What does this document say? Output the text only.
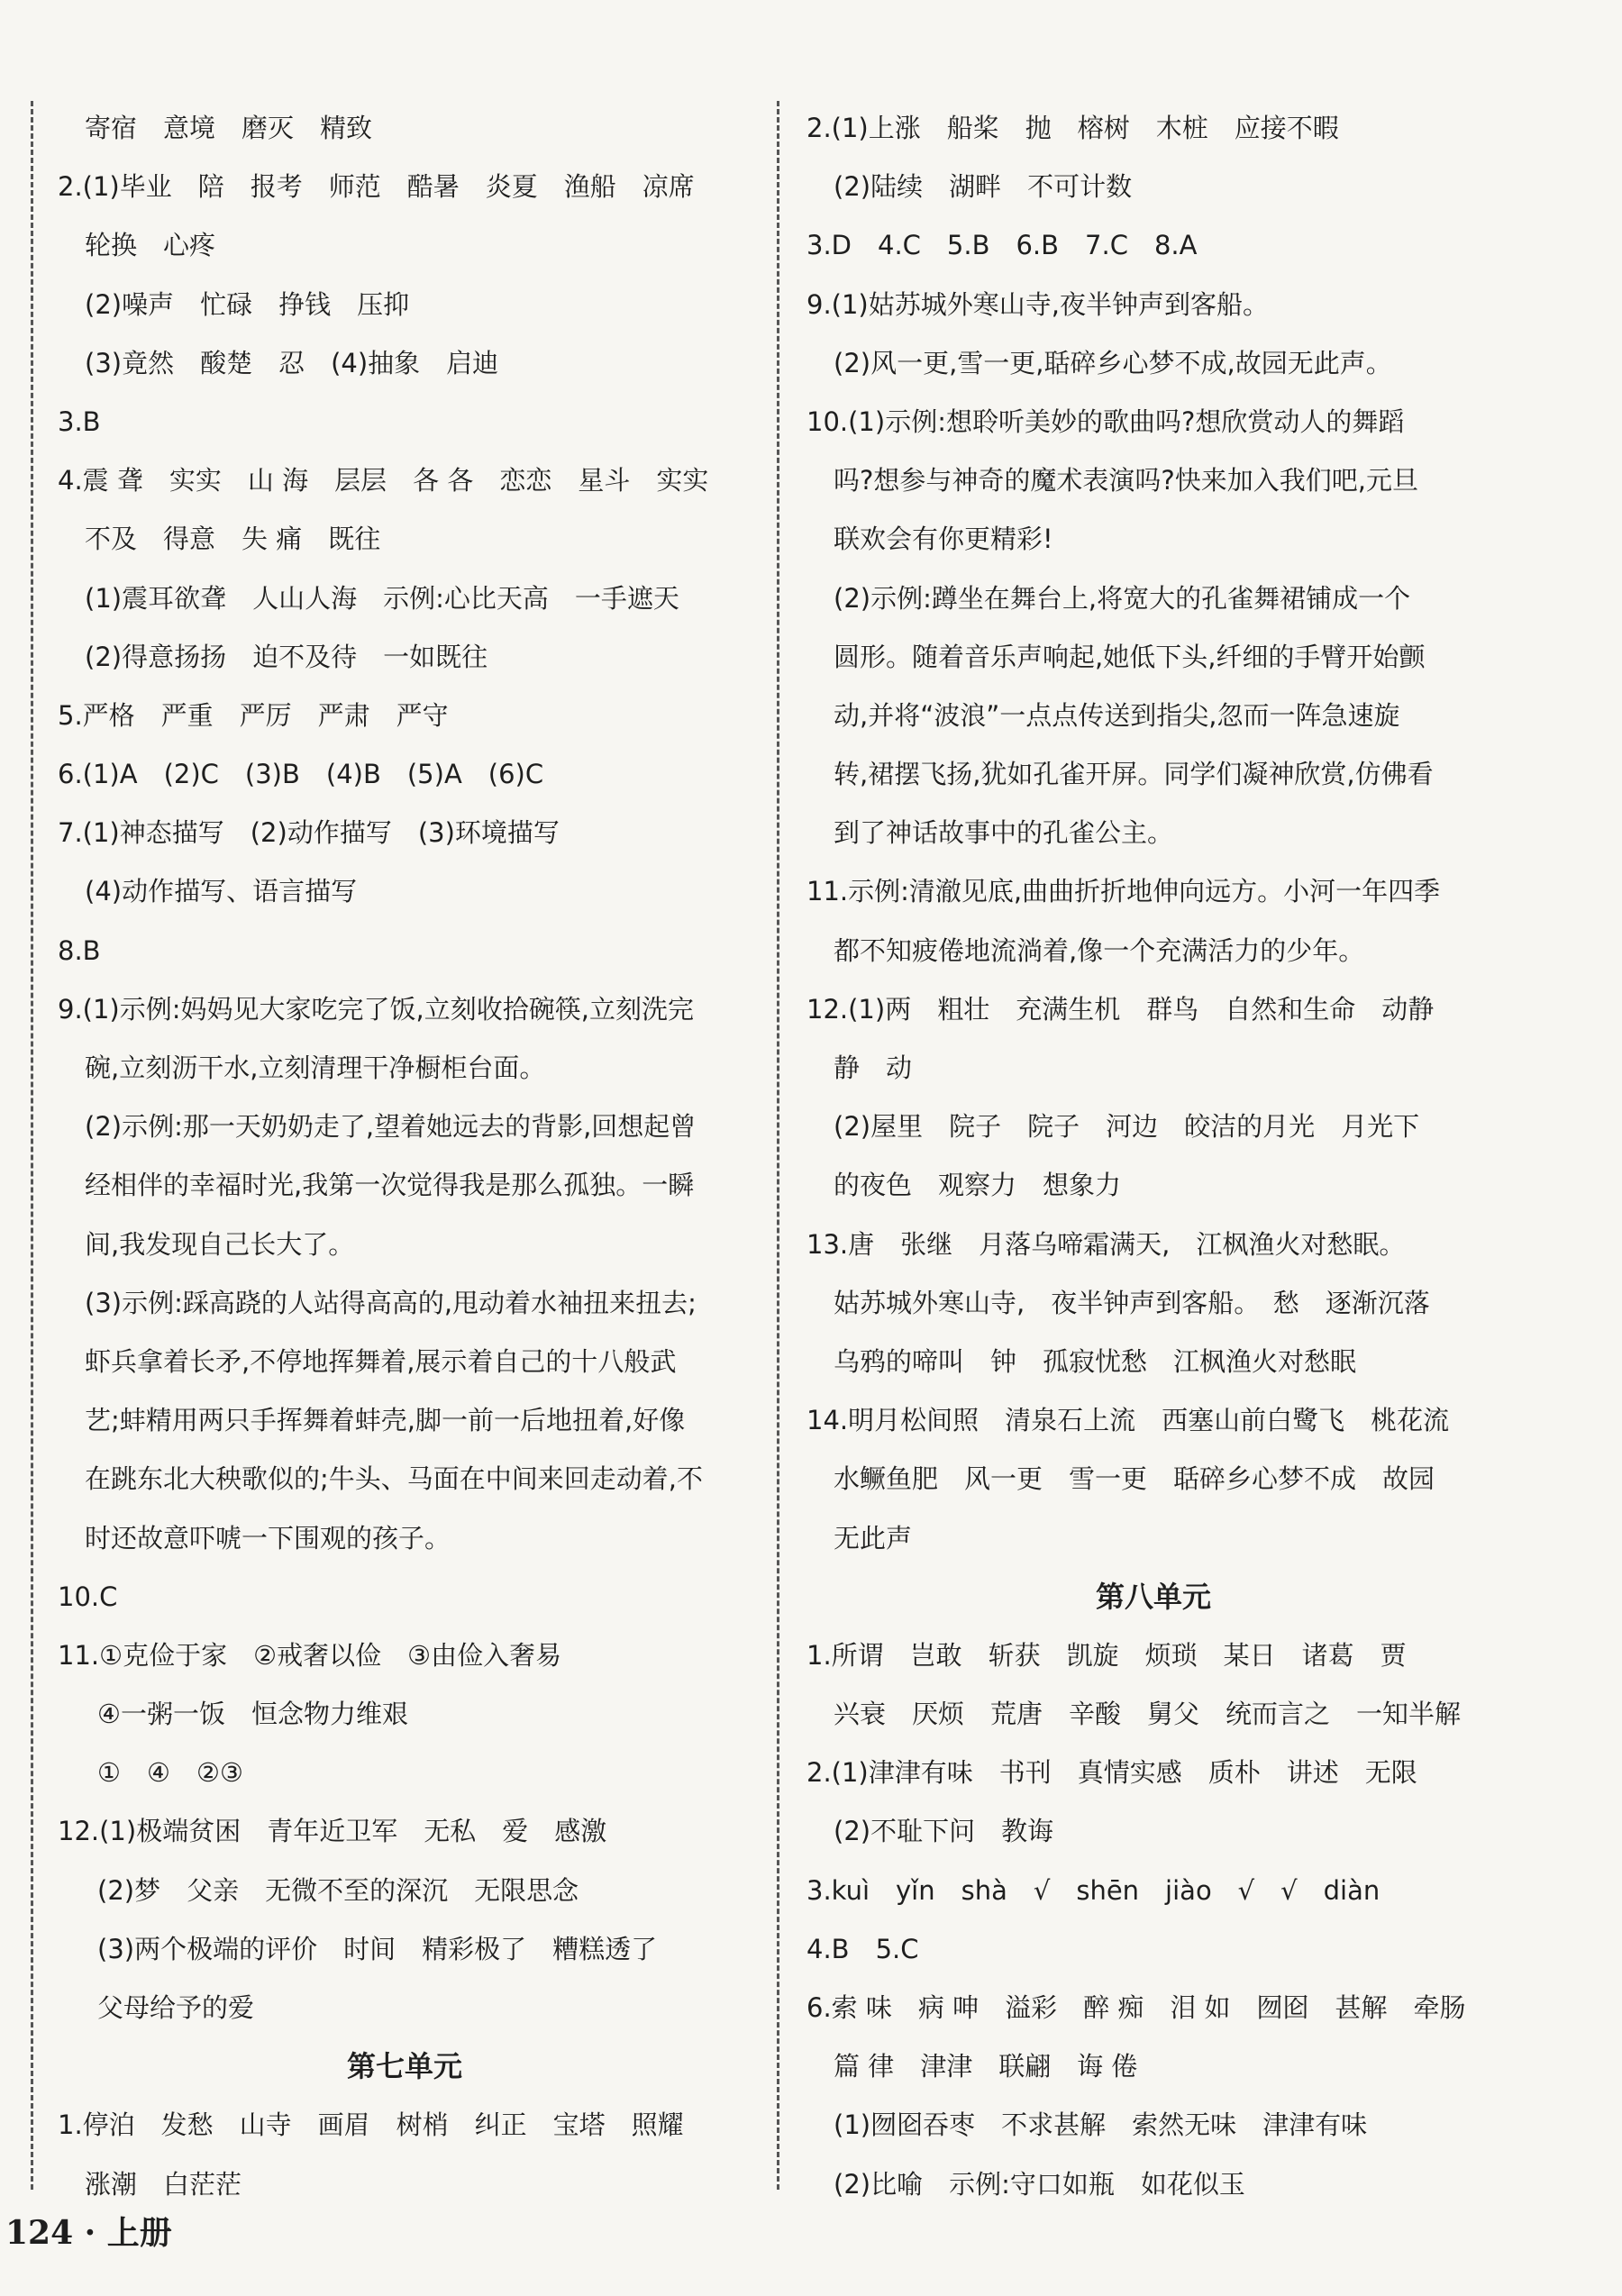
寄宿　意境　磨灭　精致
2.(1)毕业　陪　报考　师范　酷暑　炎夏　渔船　凉席
轮换　心疼
(2)噪声　忙碌　挣钱　压抑
(3)竟然　酸楚　忍　(4)抽象　启迪
3.B
4.震 聋　实实　山 海　层层　各 各　恋恋　星斗　实实
不及　得意　失 痛　既往
(1)震耳欲聋　人山人海　示例:心比天高　一手遮天
(2)得意扬扬　迫不及待　一如既往
5.严格　严重　严厉　严肃　严守
6.(1)A　(2)C　(3)B　(4)B　(5)A　(6)C
7.(1)神态描写　(2)动作描写　(3)环境描写
(4)动作描写、语言描写
8.B
9.(1)示例:妈妈见大家吃完了饭,立刻收拾碗筷,立刻洗完
碗,立刻沥干水,立刻清理干净橱柜台面。
(2)示例:那一天奶奶走了,望着她远去的背影,回想起曾
经相伴的幸福时光,我第一次觉得我是那么孤独。一瞬
间,我发现自己长大了。
(3)示例:踩高跷的人站得高高的,甩动着水袖扭来扭去;
虾兵拿着长矛,不停地挥舞着,展示着自己的十八般武
艺;蚌精用两只手挥舞着蚌壳,脚一前一后地扭着,好像
在跳东北大秧歌似的;牛头、马面在中间来回走动着,不
时还故意吓唬一下围观的孩子。
10.C
11.①克俭于家　②戒奢以俭　③由俭入奢易
④一粥一饭　恒念物力维艰
①　④　②③
12.(1)极端贫困　青年近卫军　无私　爱　感激
(2)梦　父亲　无微不至的深沉　无限思念
(3)两个极端的评价　时间　精彩极了　糟糕透了
父母给予的爱
第七单元
1.停泊　发愁　山寺　画眉　树梢　纠正　宝塔　照耀
涨潮　白茫茫
2.(1)上涨　船桨　抛　榕树　木桩　应接不暇
(2)陆续　湖畔　不可计数
3.D　4.C　5.B　6.B　7.C　8.A
9.(1)姑苏城外寒山寺,夜半钟声到客船。
(2)风一更,雪一更,聒碎乡心梦不成,故园无此声。
10.(1)示例:想聆听美妙的歌曲吗?想欣赏动人的舞蹈
吗?想参与神奇的魔术表演吗?快来加入我们吧,元旦
联欢会有你更精彩!
(2)示例:蹲坐在舞台上,将宽大的孔雀舞裙铺成一个
圆形。随着音乐声响起,她低下头,纤细的手臂开始颤
动,并将“波浪”一点点传送到指尖,忽而一阵急速旋
转,裙摆飞扬,犹如孔雀开屏。同学们凝神欣赏,仿佛看
到了神话故事中的孔雀公主。
11.示例:清澈见底,曲曲折折地伸向远方。小河一年四季
都不知疲倦地流淌着,像一个充满活力的少年。
12.(1)两　粗壮　充满生机　群鸟　自然和生命　动静
静　动
(2)屋里　院子　院子　河边　皎洁的月光　月光下
的夜色　观察力　想象力
13.唐　张继　月落乌啼霜满天,　江枫渔火对愁眠。
姑苏城外寒山寺,　夜半钟声到客船。　愁　逐渐沉落
乌鸦的啼叫　钟　孤寂忧愁　江枫渔火对愁眠
14.明月松间照　清泉石上流　西塞山前白鹭飞　桃花流
水鳜鱼肥　风一更　雪一更　聒碎乡心梦不成　故园
无此声
第八单元
1.所谓　岂敢　斩获　凯旋　烦琐　某日　诸葛　贾
兴衰　厌烦　荒唐　辛酸　舅父　统而言之　一知半解
2.(1)津津有味　书刊　真情实感　质朴　讲述　无限
(2)不耻下问　教诲
3.kuì　yǐn　shà　√　shēn　jiào　√　√　diàn
4.B　5.C
6.索 味　病 呻　溢彩　醉 痴　泪 如　囫囵　甚解　牵肠
篇 律　津津　联翩　诲 倦
(1)囫囵吞枣　不求甚解　索然无味　津津有味
(2)比喻　示例:守口如瓶　如花似玉
124 · 上册
